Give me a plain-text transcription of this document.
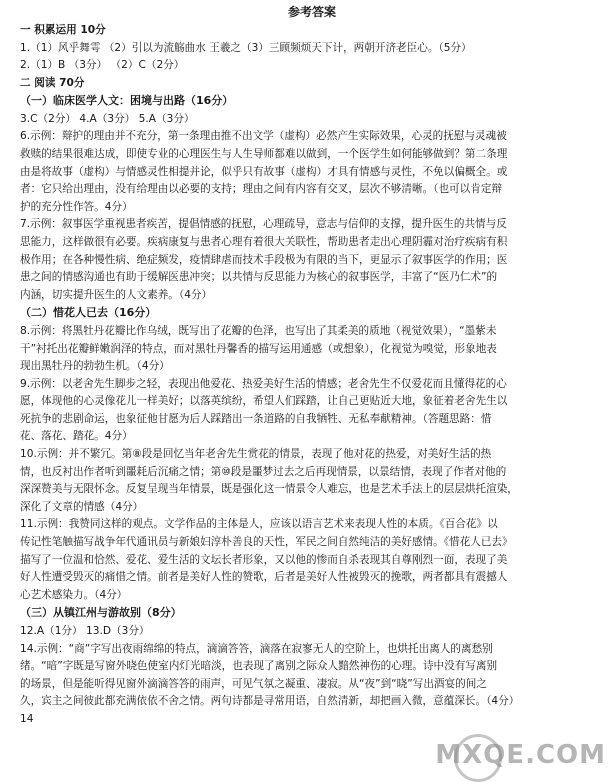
参考答案
一 积累运用 10分
1.（1）风乎舞雩 （2）引以为流觞曲水 王羲之（3）三顾频烦天下计，两朝开济老臣心。（5分）
2.（1）B （3分） （2）C（2分）
二 阅读 70分
（一）临床医学人文：困境与出路（16分）
3.C（2分） 4.A（3分） 5.A（3分）
6.示例：辩护的理由并不充分，第一条理由推不出文学（虚构）必然产生实际效果，心灵的抚慰与灵魂被
救赎的结果很难达成，即使专业的心理医生与人生导师都难以做到，一个医学生如何能够做到？第二条理
由是将故事（虚构）与情感灵性相提并论，似乎只有故事（虚构）才具有情感与灵性，不免以偏概全。或
者：它只给出理由，没有给理由以必要的支持；理由之间有内容有交叉，层次不够清晰。（也可以肯定辩
护的充分性作答。4分）
7.示例：叙事医学重视患者疾苦，提倡情感的抚慰，心理疏导，意志与信仰的支撑，提升医生的共情与反
思能力，这样做很有必要。疾病康复与患者心理有着很大关联性，帮助患者走出心理阴霾对治疗疾病有积
极作用；在各种慢性病、绝症频发，疫情肆虐而技术手段极为有限的当下，更显示了叙事医学的作用；医
患之间的情感沟通也有助于缓解医患冲突；以共情与反思能力为核心的叙事医学，丰富了“医乃仁术”的
内涵，切实提升医生的人文素养。（4分）
（二）惜花人已去（16分）
8.示例：将黑牡丹花瓣比作乌绒，既写出了花瓣的色泽，也写出了其柔美的质地（视觉效果），“墨紫未
干”衬托出花瓣鲜嫩润泽的特点，而对黑牡丹馨香的描写运用通感（或想象），化视觉为嗅觉，形象地表
现出黑牡丹的勃勃生机。（4分）
9.示例：以老舍先生脚步之轻，表现出他爱花、热爱美好生活的情感；老舍先生不仅爱花而且懂得花的心
愿，体现他的心灵像花儿一样美好；以落英缤纷，希望人们踩踏，让自己更贴近大地，象征着老舍先生以
死抗争的悲剧命运，也象征他甘愿为后人踩踏出一条道路的自我牺牲、无私奉献精神。（答题思路：惜
花、落花、踏花。4分）
10.示例：并不繁冗。第⑧段是回忆当年老舍先生赏花的情景，表现了他对花的热爱，对美好生活的热
情，也反衬出作者听到噩耗后沉痛之情；第⑩段是噩梦过去之后再现情景，以景结情，表现了作者对他的
深深赞美与无限怀念。反复呈现当年情景，既是强化这一情景令人难忘，也是艺术手法上的层层烘托渲染，
深化了文章的情感（4分）
11.示例：我赞同这样的观点。文学作品的主体是人，应该以语言艺术来表现人性的本质。《百合花》以
传记性笔触描写战争年代通讯员与新娘妇淳朴善良的天性，军民之间自然纯洁的美好感情。《惜花人已去》
描写了一位温和恰然、爱花、爱生活的文坛长者形象，又以他的惨而自杀表现其自尊刚烈一面，表现了美
好人性遭受毁灭的痛惜之情。前者是美好人性的赞歌，后者是美好人性被毁灭的挽歌，两者都具有震撼人
心艺术感染力。（4分）
（三）从镇江州与游故别（8分）
12.A（1分） 13.D（3分）
14.示例：“商”字写出夜雨绵绵的特点，滴滴答答，滴落在寂寥无人的空阶上，也烘托出离人的离愁别
绪。“暗”字既是写窗外晓色使室内灯光暗淡，也表现了离别之际众人黯然神伤的心理。诗中没有写离别
的场景，但是能听得见窗外滴滴答答的雨声，可见气氛之凝重、凄寂。从“夜”到“晓”写出酒宴的间之
久，宾主之间彼此都充满依依不舍之情。两句诗都是寻常用语，自然清新，却把画入微，意蕴深长。（4分）
14
MXQE.COM
